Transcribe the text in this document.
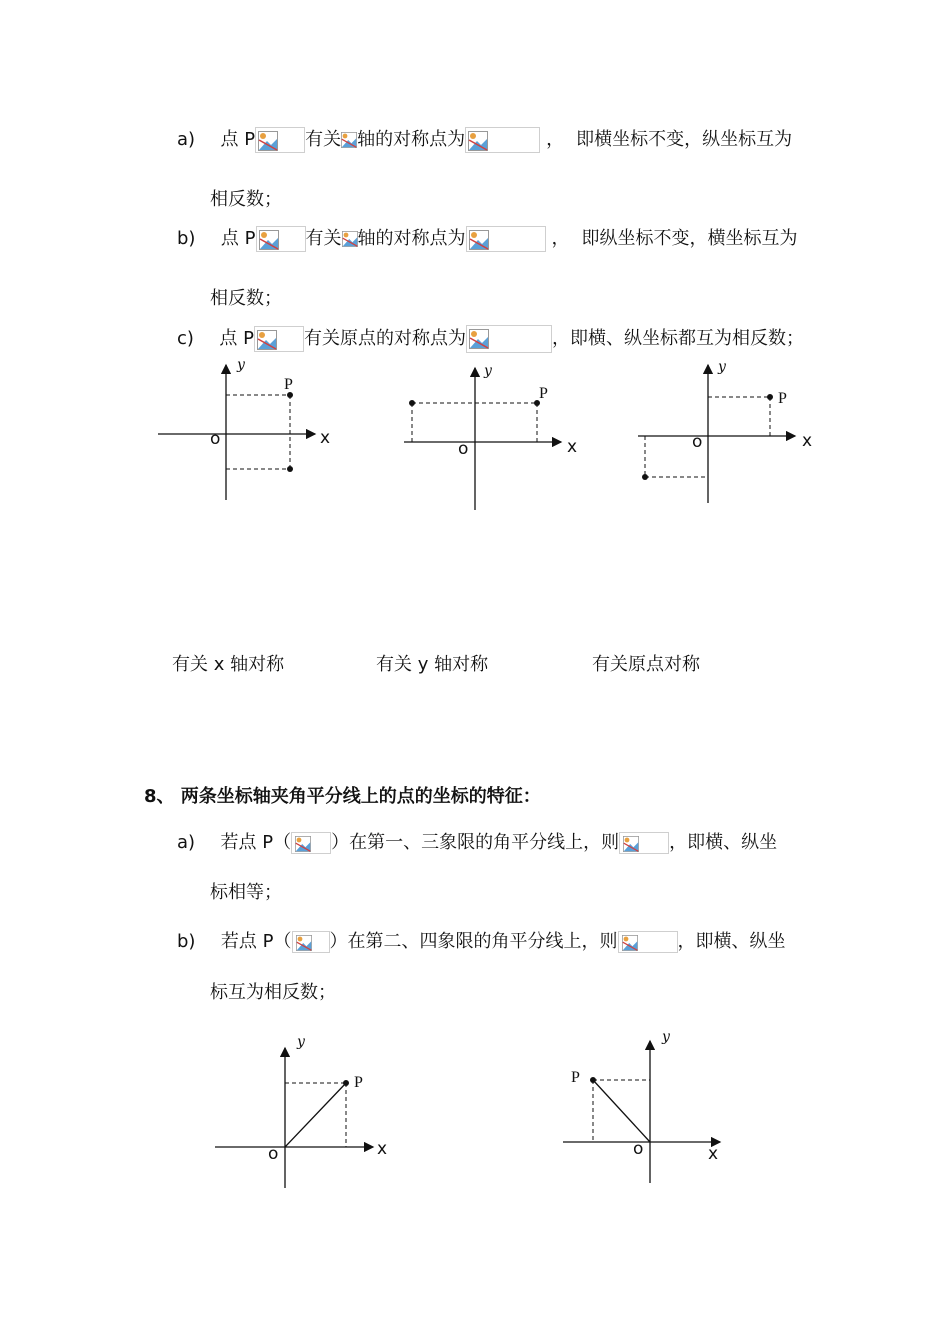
a) 点 P	有关 轴的对称点为	， 即横坐标不变，纵坐标互为
相反数；
b) 点 P	有关 轴的对称点为	， 即纵坐标不变，横坐标互为
相反数；
c) 点 P	有关原点的对称点为	，即横、纵坐标都互为相反数；
x
y
o
P
x
y
o
P
x
y
o
P
有关 x 轴对称	有关 y 轴对称	有关原点对称
8、 两条坐标轴夹角平分线上的点的坐标的特征：
a) 若点 P（ ）在第一、三象限的角平分线上，则	，即横、纵坐
标相等；
b) 若点 P（ ）在第二、四象限的角平分线上，则	，即横、纵坐
标互为相反数；
x
y
o
P
x
y
o
P
